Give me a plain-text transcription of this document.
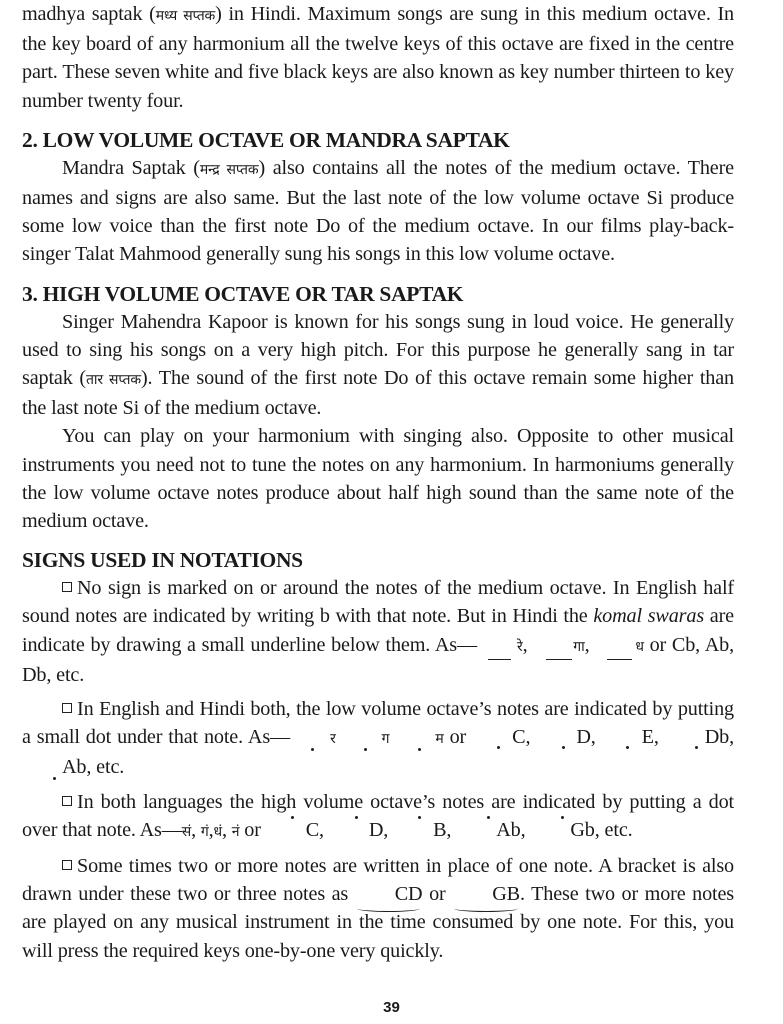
madhya saptak (मध्य सप्तक) in Hindi. Maximum songs are sung in this medium octave. In the key board of any harmonium all the twelve keys of this octave are fixed in the centre part. These seven white and five black keys are also known as key number thirteen to key number twenty four.

2. LOW VOLUME OCTAVE OR MANDRA SAPTAK

Mandra Saptak (मन्द्र सप्तक) also contains all the notes of the medium octave. There names and signs are also same. But the last note of the low volume octave Si produce some low voice than the first note Do of the medium octave. In our films play-back-singer Talat Mahmood generally sung his songs in this low volume octave.

3. HIGH VOLUME OCTAVE OR TAR SAPTAK

Singer Mahendra Kapoor is known for his songs sung in loud voice. He generally used to sing his songs on a very high pitch. For this purpose he generally sang in tar saptak (तार सप्तक). The sound of the first note Do of this octave remain some higher than the last note Si of the medium octave.

You can play on your harmonium with singing also. Opposite to other musical instruments you need not to tune the notes on any harmonium. In harmoniums generally the low volume octave notes produce about half high sound than the same note of the medium octave.

SIGNS USED IN NOTATIONS

No sign is marked on or around the notes of the medium octave. In English half sound notes are indicated by writing b with that note. But in Hindi the komal swaras are indicate by drawing a small underline below them. As—	रे,	गा,	ध or Cb, Ab, Db, etc.

In English and Hindi both, the low volume octave’s notes are indicated by putting a small dot under that note. As—	र	ग	म or C, D, E, Db, Ab, etc.

In both languages the high volume octave’s notes are indicated by putting a dot over that note. As—सं, गं,धं, नं or C, D, B, Ab, Gb, etc.

Some times two or more notes are written in place of one note. A bracket is also drawn under these two or three notes as CD or GB. These two or more notes are played on any musical instrument in the time consumed by one note. For this, you will press the required keys one-by-one very quickly.

39
